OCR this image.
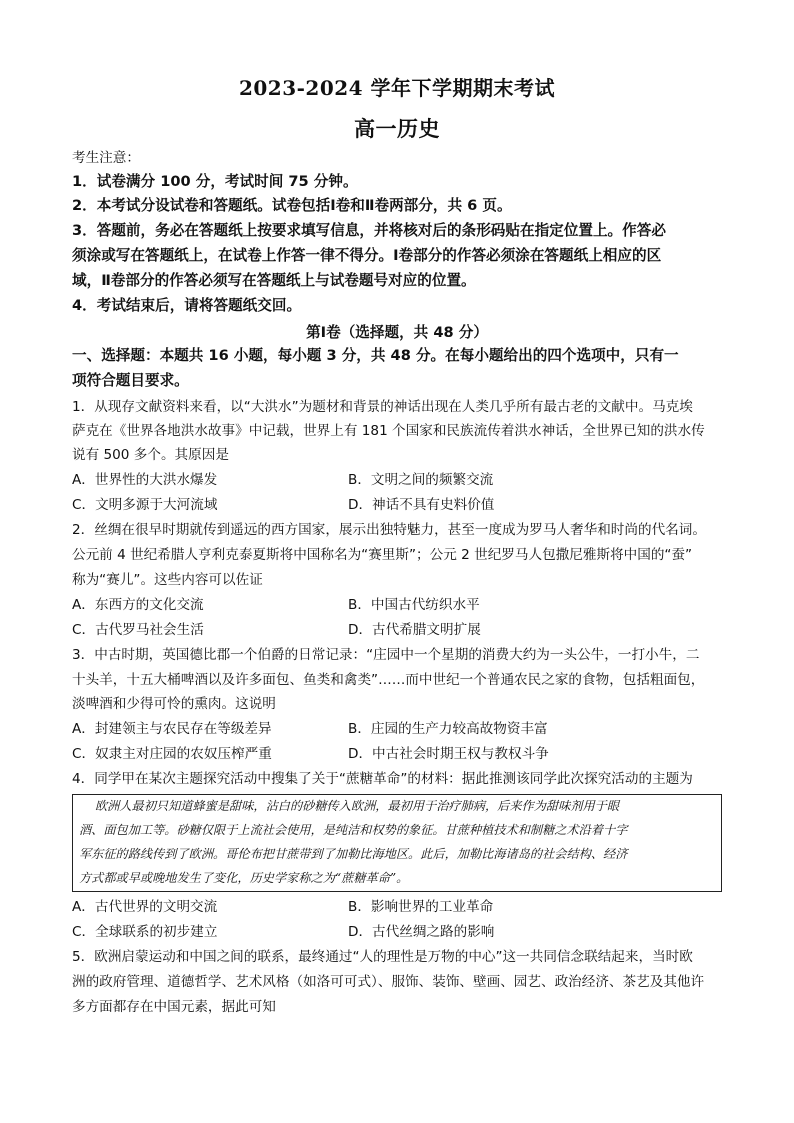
2023-2024 学年下学期期末考试
高一历史
考生注意：
1．试卷满分 100 分，考试时间 75 分钟。
2．本考试分设试卷和答题纸。试卷包括Ⅰ卷和Ⅱ卷两部分，共 6 页。
3．答题前，务必在答题纸上按要求填写信息，并将核对后的条形码贴在指定位置上。作答必
须涂或写在答题纸上，在试卷上作答一律不得分。Ⅰ卷部分的作答必须涂在答题纸上相应的区
域，Ⅱ卷部分的作答必须写在答题纸上与试卷题号对应的位置。
4．考试结束后，请将答题纸交回。
第Ⅰ卷（选择题，共 48 分）
一、选择题：本题共 16 小题，每小题 3 分，共 48 分。在每小题给出的四个选项中，只有一
项符合题目要求。
1．从现存文献资料来看，以“大洪水”为题材和背景的神话出现在人类几乎所有最古老的文献中。马克埃
萨克在《世界各地洪水故事》中记载，世界上有 181 个国家和民族流传着洪水神话，全世界已知的洪水传
说有 500 多个。其原因是
A．世界性的大洪水爆发	B．文明之间的频繁交流
C．文明多源于大河流域	D．神话不具有史料价值
2．丝绸在很早时期就传到遥远的西方国家，展示出独特魅力，甚至一度成为罗马人奢华和时尚的代名词。
公元前 4 世纪希腊人亨利克泰夏斯将中国称名为“赛里斯”；公元 2 世纪罗马人包撒尼雅斯将中国的“蚕”
称为“赛儿”。这些内容可以佐证
A．东西方的文化交流	B．中国古代纺织水平
C．古代罗马社会生活	D．古代希腊文明扩展
3．中古时期，英国德比郡一个伯爵的日常记录：“庄园中一个星期的消费大约为一头公牛，一打小牛，二
十头羊，十五大桶啤酒以及许多面包、鱼类和禽类”……而中世纪一个普通农民之家的食物，包括粗面包，
淡啤酒和少得可怜的熏肉。这说明
A．封建领主与农民存在等级差异	B．庄园的生产力较高故物资丰富
C．奴隶主对庄园的农奴压榨严重	D．中古社会时期王权与教权斗争
4．同学甲在某次主题探究活动中搜集了关于“蔗糖革命”的材料：据此推测该同学此次探究活动的主题为
欧洲人最初只知道蜂蜜是甜味，沾白的砂糖传入欧洲，最初用于治疗肺病，后来作为甜味剂用于眼
酒、面包加工等。砂糖仅限于上流社会使用，是纯洁和权势的象征。甘蔗种植技术和制糖之术沿着十字
军东征的路线传到了欧洲。哥伦布把甘蔗带到了加勒比海地区。此后，加勒比海诸岛的社会结构、经济
方式都或早或晚地发生了变化，历史学家称之为“蔗糖革命”。
A．古代世界的文明交流	B．影响世界的工业革命
C．全球联系的初步建立	D．古代丝绸之路的影响
5．欧洲启蒙运动和中国之间的联系，最终通过“人的理性是万物的中心”这一共同信念联结起来，当时欧
洲的政府管理、道德哲学、艺术风格（如洛可可式）、服饰、装饰、壁画、园艺、政治经济、茶艺及其他许
多方面都存在中国元素，据此可知
